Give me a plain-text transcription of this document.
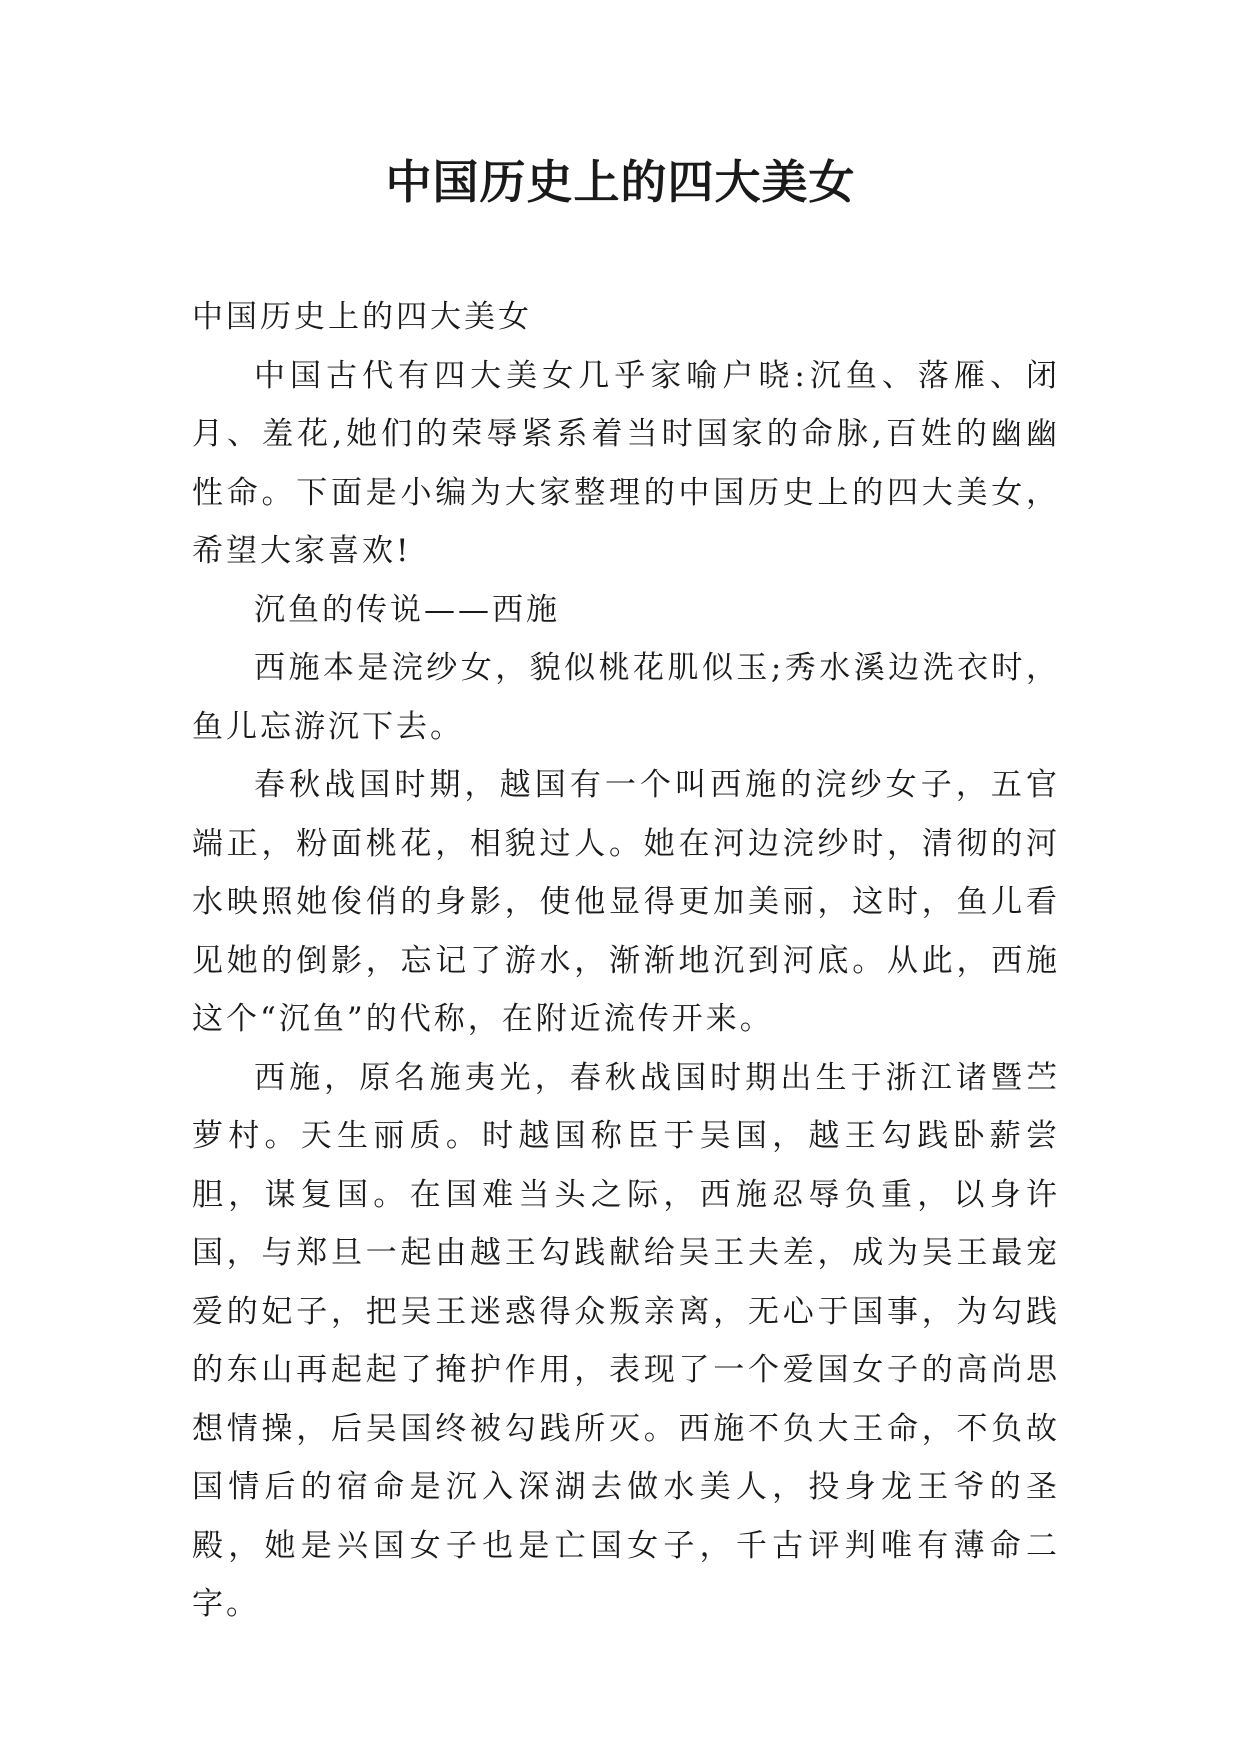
中国历史上的四大美女

中国历史上的四大美女

中国古代有四大美女几乎家喻户晓:沉鱼、落雁、闭月、羞花,她们的荣辱紧系着当时国家的命脉,百姓的幽幽性命。下面是小编为大家整理的中国历史上的四大美女，希望大家喜欢!

沉鱼的传说——西施

西施本是浣纱女，貌似桃花肌似玉;秀水溪边洗衣时，鱼儿忘游沉下去。

春秋战国时期，越国有一个叫西施的浣纱女子，五官端正，粉面桃花，相貌过人。她在河边浣纱时，清彻的河水映照她俊俏的身影，使他显得更加美丽，这时，鱼儿看见她的倒影，忘记了游水，渐渐地沉到河底。从此，西施这个“沉鱼”的代称，在附近流传开来。

西施，原名施夷光，春秋战国时期出生于浙江诸暨苎萝村。天生丽质。时越国称臣于吴国，越王勾践卧薪尝胆，谋复国。在国难当头之际，西施忍辱负重，以身许国，与郑旦一起由越王勾践献给吴王夫差，成为吴王最宠爱的妃子，把吴王迷惑得众叛亲离，无心于国事，为勾践的东山再起起了掩护作用，表现了一个爱国女子的高尚思想情操，后吴国终被勾践所灭。西施不负大王命，不负故国情后的宿命是沉入深湖去做水美人，投身龙王爷的圣殿，她是兴国女子也是亡国女子，千古评判唯有薄命二字。
